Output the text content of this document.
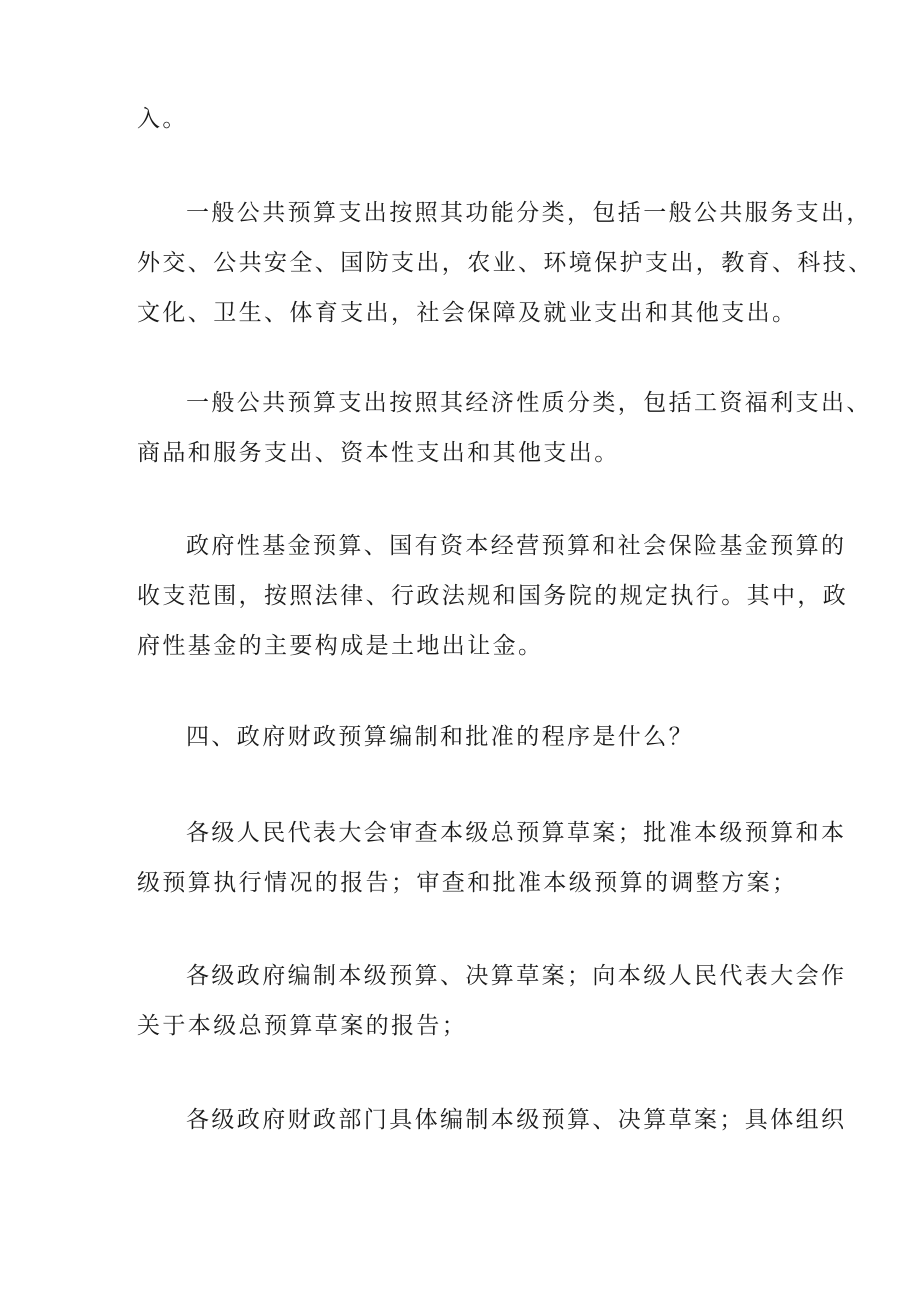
入。
一般公共预算支出按照其功能分类，包括一般公共服务支出，
外交、公共安全、国防支出，农业、环境保护支出，教育、科技、
文化、卫生、体育支出，社会保障及就业支出和其他支出。
一般公共预算支出按照其经济性质分类，包括工资福利支出、
商品和服务支出、资本性支出和其他支出。
政府性基金预算、国有资本经营预算和社会保险基金预算的
收支范围，按照法律、行政法规和国务院的规定执行。其中，政
府性基金的主要构成是土地出让金。
四、政府财政预算编制和批准的程序是什么？
各级人民代表大会审查本级总预算草案；批准本级预算和本
级预算执行情况的报告；审查和批准本级预算的调整方案；
各级政府编制本级预算、决算草案；向本级人民代表大会作
关于本级总预算草案的报告；
各级政府财政部门具体编制本级预算、决算草案；具体组织
